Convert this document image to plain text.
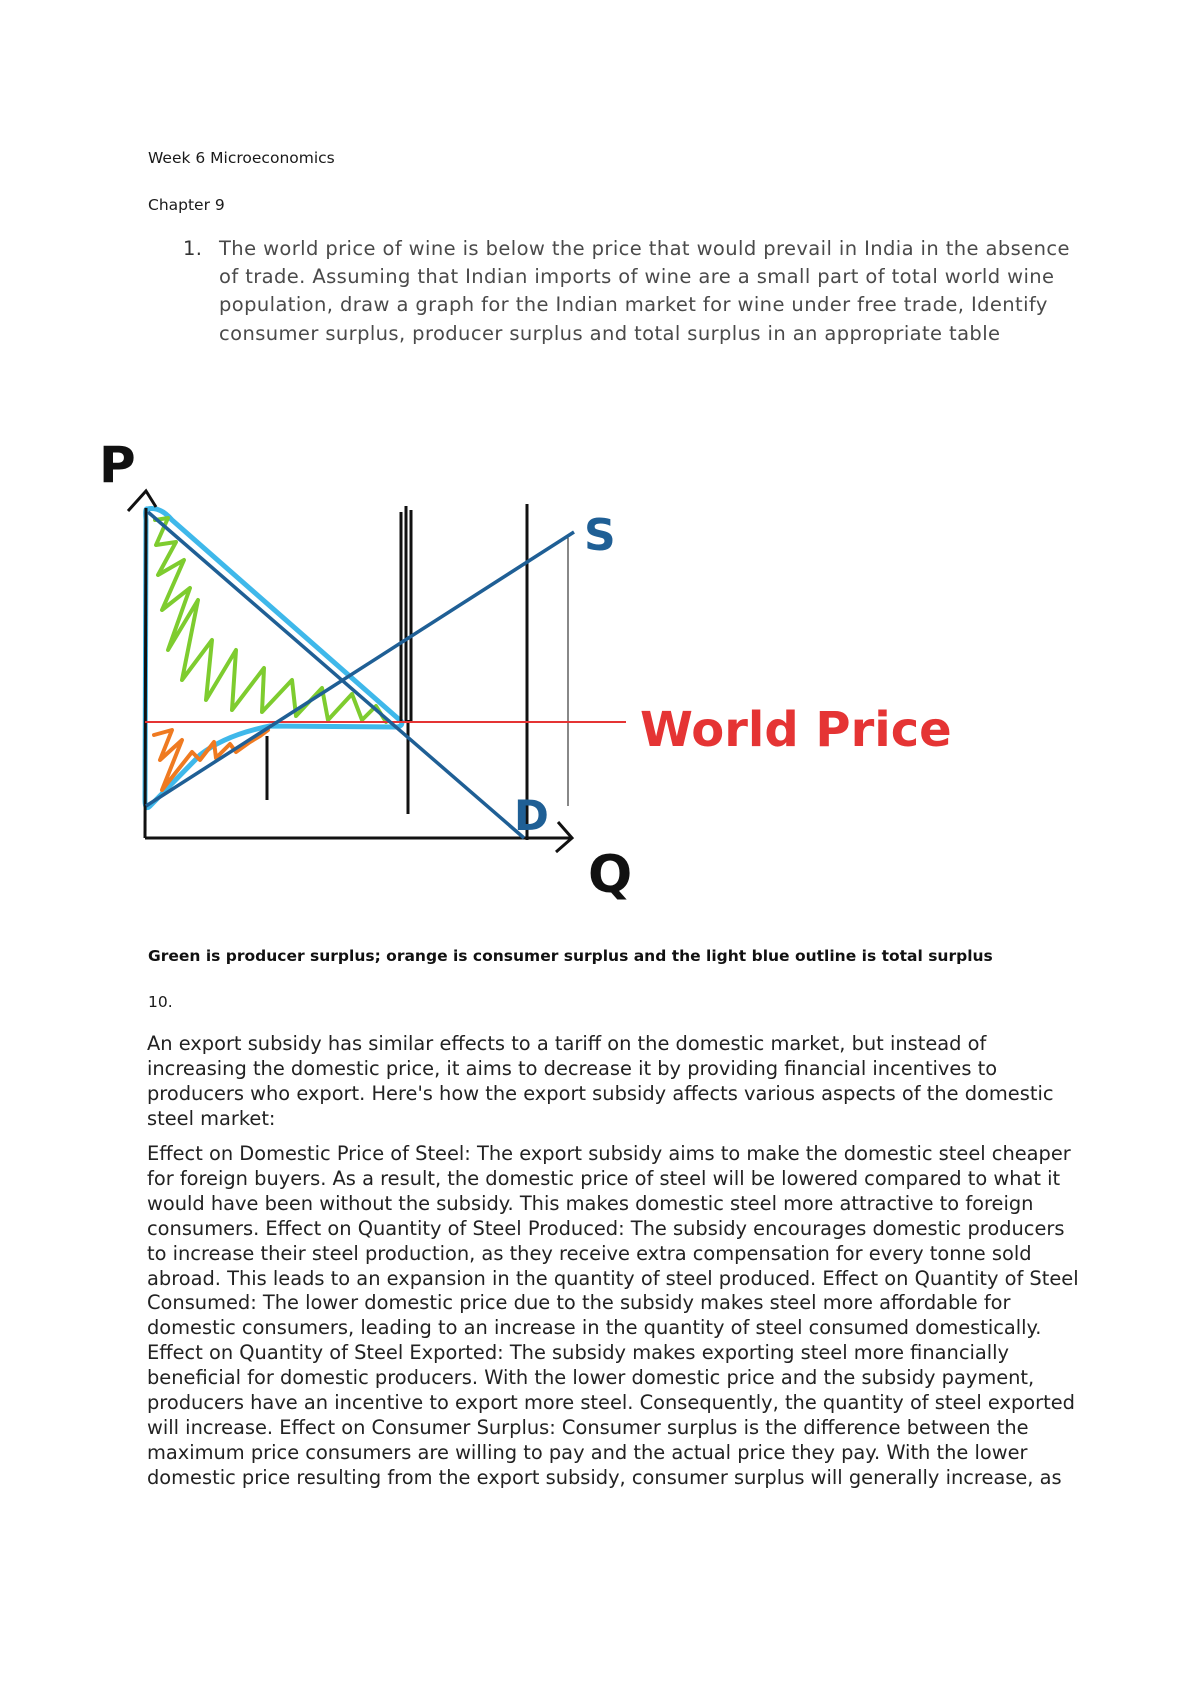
Week 6 Microeconomics
Chapter 9
1. The world price of wine is below the price that would prevail in India in the absence of trade. Assuming that Indian imports of wine are a small part of total world wine population, draw a graph for the Indian market for wine under free trade, Identify consumer surplus, producer surplus and total surplus in an appropriate table
P
Q
S
D
World Price
Green is producer surplus; orange is consumer surplus and the light blue outline is total surplus
10.

An export subsidy has similar effects to a tariff on the domestic market, but instead of increasing the domestic price, it aims to decrease it by providing financial incentives to producers who export. Here's how the export subsidy affects various aspects of the domestic steel market:

Effect on Domestic Price of Steel: The export subsidy aims to make the domestic steel cheaper for foreign buyers. As a result, the domestic price of steel will be lowered compared to what it would have been without the subsidy. This makes domestic steel more attractive to foreign consumers. Effect on Quantity of Steel Produced: The subsidy encourages domestic producers to increase their steel production, as they receive extra compensation for every tonne sold abroad. This leads to an expansion in the quantity of steel produced. Effect on Quantity of Steel Consumed: The lower domestic price due to the subsidy makes steel more affordable for domestic consumers, leading to an increase in the quantity of steel consumed domestically. Effect on Quantity of Steel Exported: The subsidy makes exporting steel more financially beneficial for domestic producers. With the lower domestic price and the subsidy payment, producers have an incentive to export more steel. Consequently, the quantity of steel exported will increase. Effect on Consumer Surplus: Consumer surplus is the difference between the maximum price consumers are willing to pay and the actual price they pay. With the lower domestic price resulting from the export subsidy, consumer surplus will generally increase, as
